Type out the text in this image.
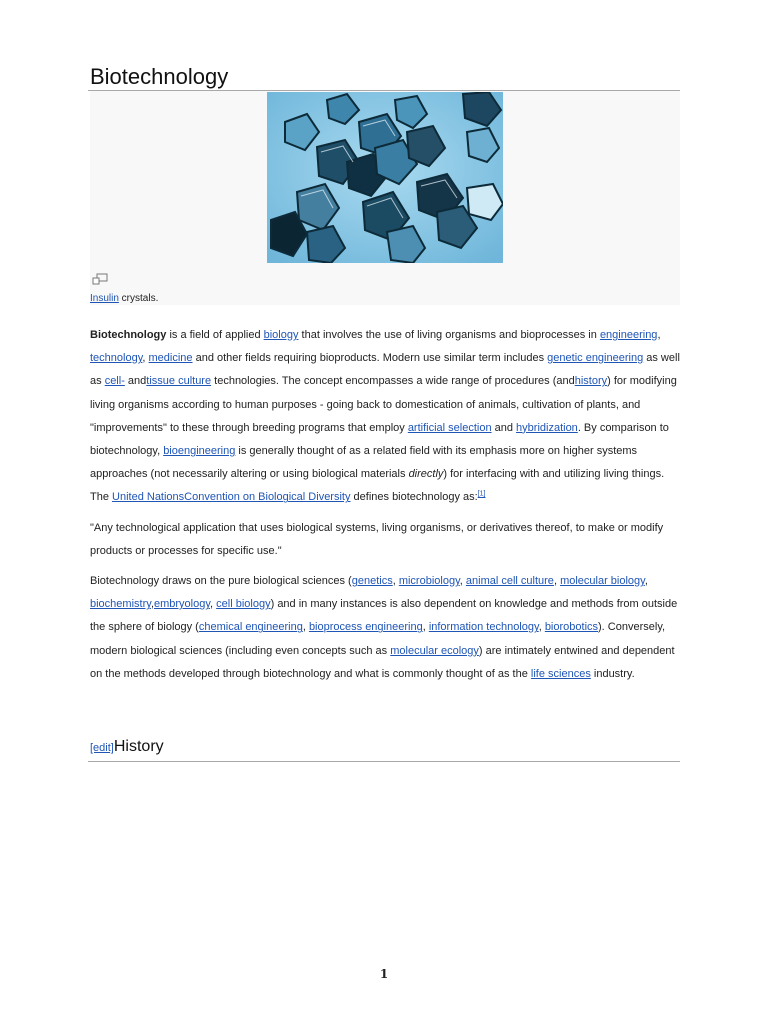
Biotechnology
Insulin crystals.

Biotechnology is a field of applied biology that involves the use of living organisms and bioprocesses in engineering, technology, medicine and other fields requiring bioproducts. Modern use similar term includes genetic engineering as well as cell- andtissue culture technologies. The concept encompasses a wide range of procedures (andhistory) for modifying living organisms according to human purposes - going back to domestication of animals, cultivation of plants, and "improvements" to these through breeding programs that employ artificial selection and hybridization. By comparison to biotechnology, bioengineering is generally thought of as a related field with its emphasis more on higher systems approaches (not necessarily altering or using biological materials directly) for interfacing with and utilizing living things. The United NationsConvention on Biological Diversity defines biotechnology as:[1]

"Any technological application that uses biological systems, living organisms, or derivatives thereof, to make or modify products or processes for specific use."

Biotechnology draws on the pure biological sciences (genetics, microbiology, animal cell culture, molecular biology, biochemistry,embryology, cell biology) and in many instances is also dependent on knowledge and methods from outside the sphere of biology (chemical engineering, bioprocess engineering, information technology, biorobotics). Conversely, modern biological sciences (including even concepts such as molecular ecology) are intimately entwined and dependent on the methods developed through biotechnology and what is commonly thought of as the life sciences industry.

[edit]History
1
